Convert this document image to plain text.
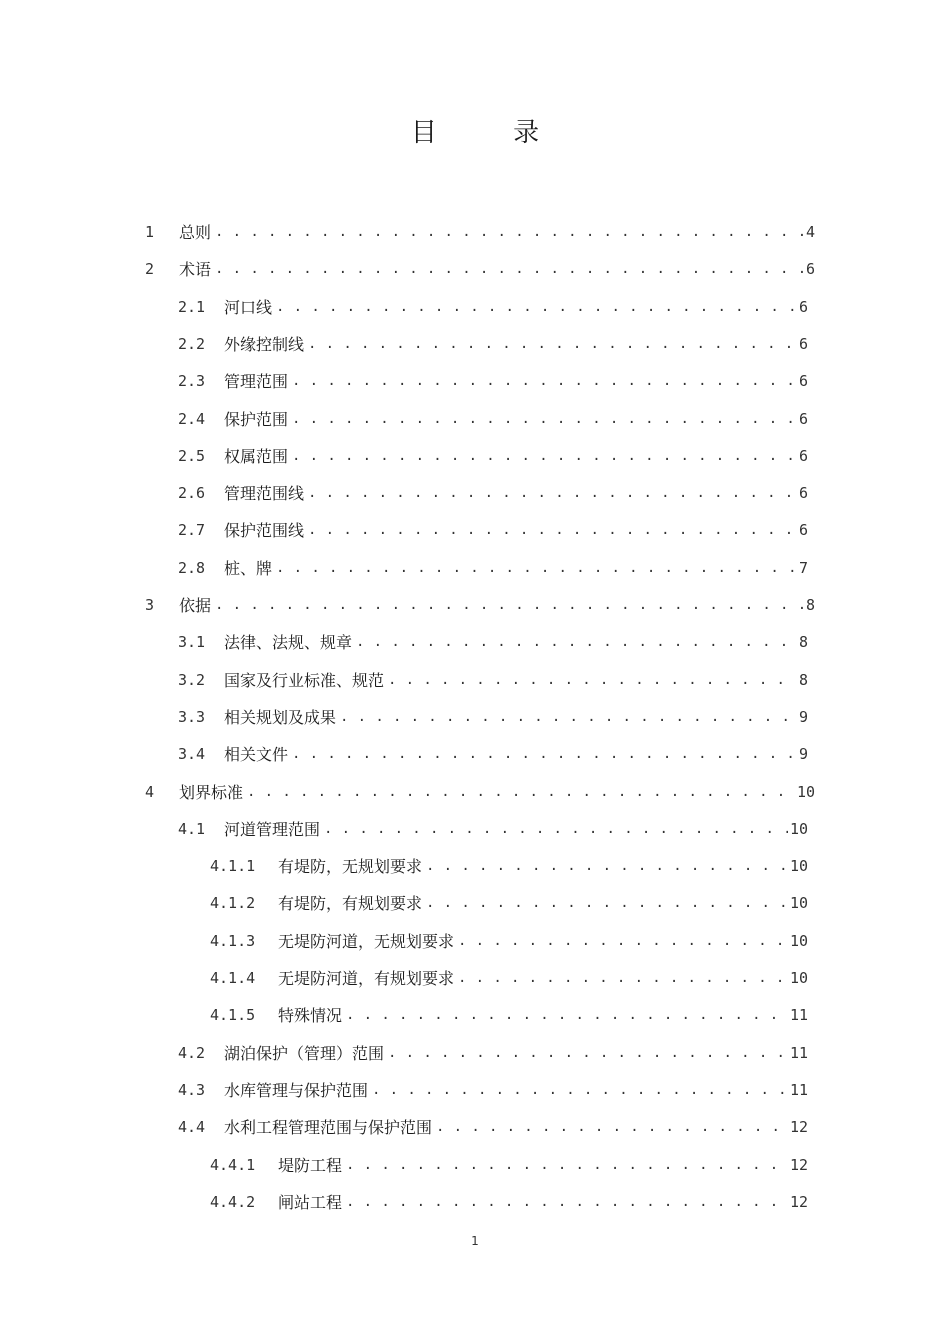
目 录
1	总则 . . .	4
2	术语 . . .	6
2.1	河口线 . . .	6
2.2	外缘控制线 . . .	6
2.3	管理范围 . . .	6
2.4	保护范围 . . .	6
2.5	权属范围 . . .	6
2.6	管理范围线 . . .	6
2.7	保护范围线 . . .	6
2.8	桩、牌 . . .	7
3	依据 . . .	8
3.1	法律、法规、规章 . . .	8
3.2	国家及行业标准、规范 . . .	8
3.3	相关规划及成果 . . .	9
3.4	相关文件 . . .	9
4	划界标准 . . .	10
4.1	河道管理范围 . . .	10
4.1.1	有堤防，无规划要求 . . .	10
4.1.2	有堤防，有规划要求 . . .	10
4.1.3	无堤防河道，无规划要求 . . .	10
4.1.4	无堤防河道，有规划要求 . . .	10
4.1.5	特殊情况 . . .	11
4.2	湖泊保护（管理）范围 . . .	11
4.3	水库管理与保护范围 . . .	11
4.4	水利工程管理范围与保护范围 . . .	12
4.4.1	堤防工程 . . .	12
4.4.2	闸站工程 . . .	12
1
